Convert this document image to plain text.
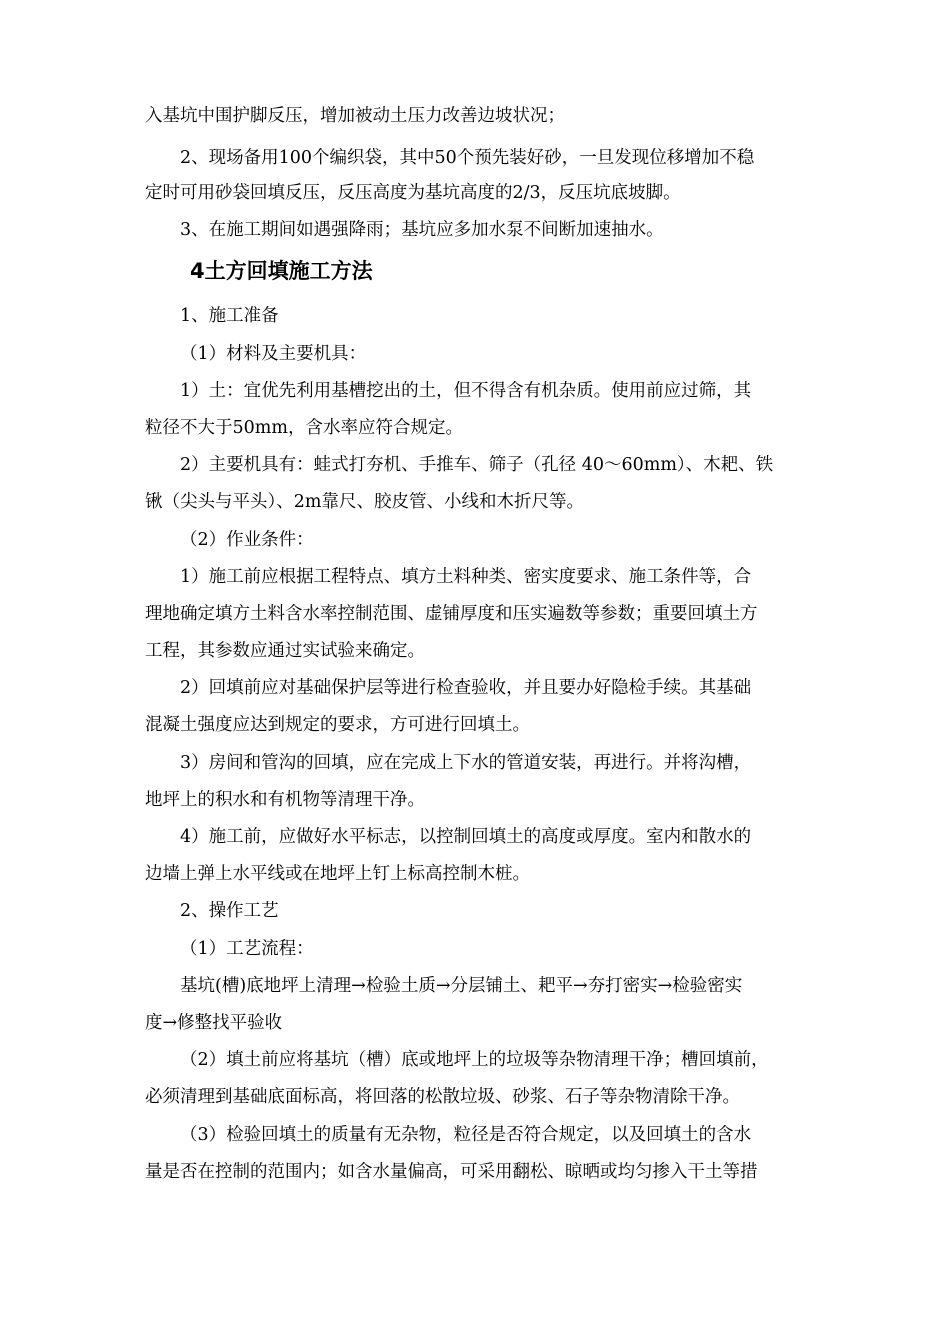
入基坑中围护脚反压，增加被动土压力改善边坡状况；
2、现场备用100个编织袋，其中50个预先装好砂，一旦发现位移增加不稳
定时可用砂袋回填反压，反压高度为基坑高度的2/3，反压坑底坡脚。
3、在施工期间如遇强降雨；基坑应多加水泵不间断加速抽水。
4土方回填施工方法
1、施工准备
（1）材料及主要机具：
1）土：宜优先利用基槽挖出的土，但不得含有机杂质。使用前应过筛，其
粒径不大于50mm，含水率应符合规定。
2）主要机具有：蛙式打夯机、手推车、筛子（孔径 40～60mm）、木耙、铁
锹（尖头与平头）、2m靠尺、胶皮管、小线和木折尺等。
（2）作业条件：
1）施工前应根据工程特点、填方土料种类、密实度要求、施工条件等，合
理地确定填方土料含水率控制范围、虚铺厚度和压实遍数等参数；重要回填土方
工程，其参数应通过实试验来确定。
2）回填前应对基础保护层等进行检查验收，并且要办好隐检手续。其基础
混凝土强度应达到规定的要求，方可进行回填土。
3）房间和管沟的回填，应在完成上下水的管道安装，再进行。并将沟槽，
地坪上的积水和有机物等清理干净。
4）施工前，应做好水平标志，以控制回填土的高度或厚度。室内和散水的
边墙上弹上水平线或在地坪上钉上标高控制木桩。
2、操作工艺
（1）工艺流程：
基坑(槽)底地坪上清理→检验土质→分层铺土、耙平→夯打密实→检验密实
度→修整找平验收
（2）填土前应将基坑（槽）底或地坪上的垃圾等杂物清理干净；槽回填前，
必须清理到基础底面标高，将回落的松散垃圾、砂浆、石子等杂物清除干净。
（3）检验回填土的质量有无杂物，粒径是否符合规定，以及回填土的含水
量是否在控制的范围内；如含水量偏高，可采用翻松、晾晒或均匀掺入干土等措
